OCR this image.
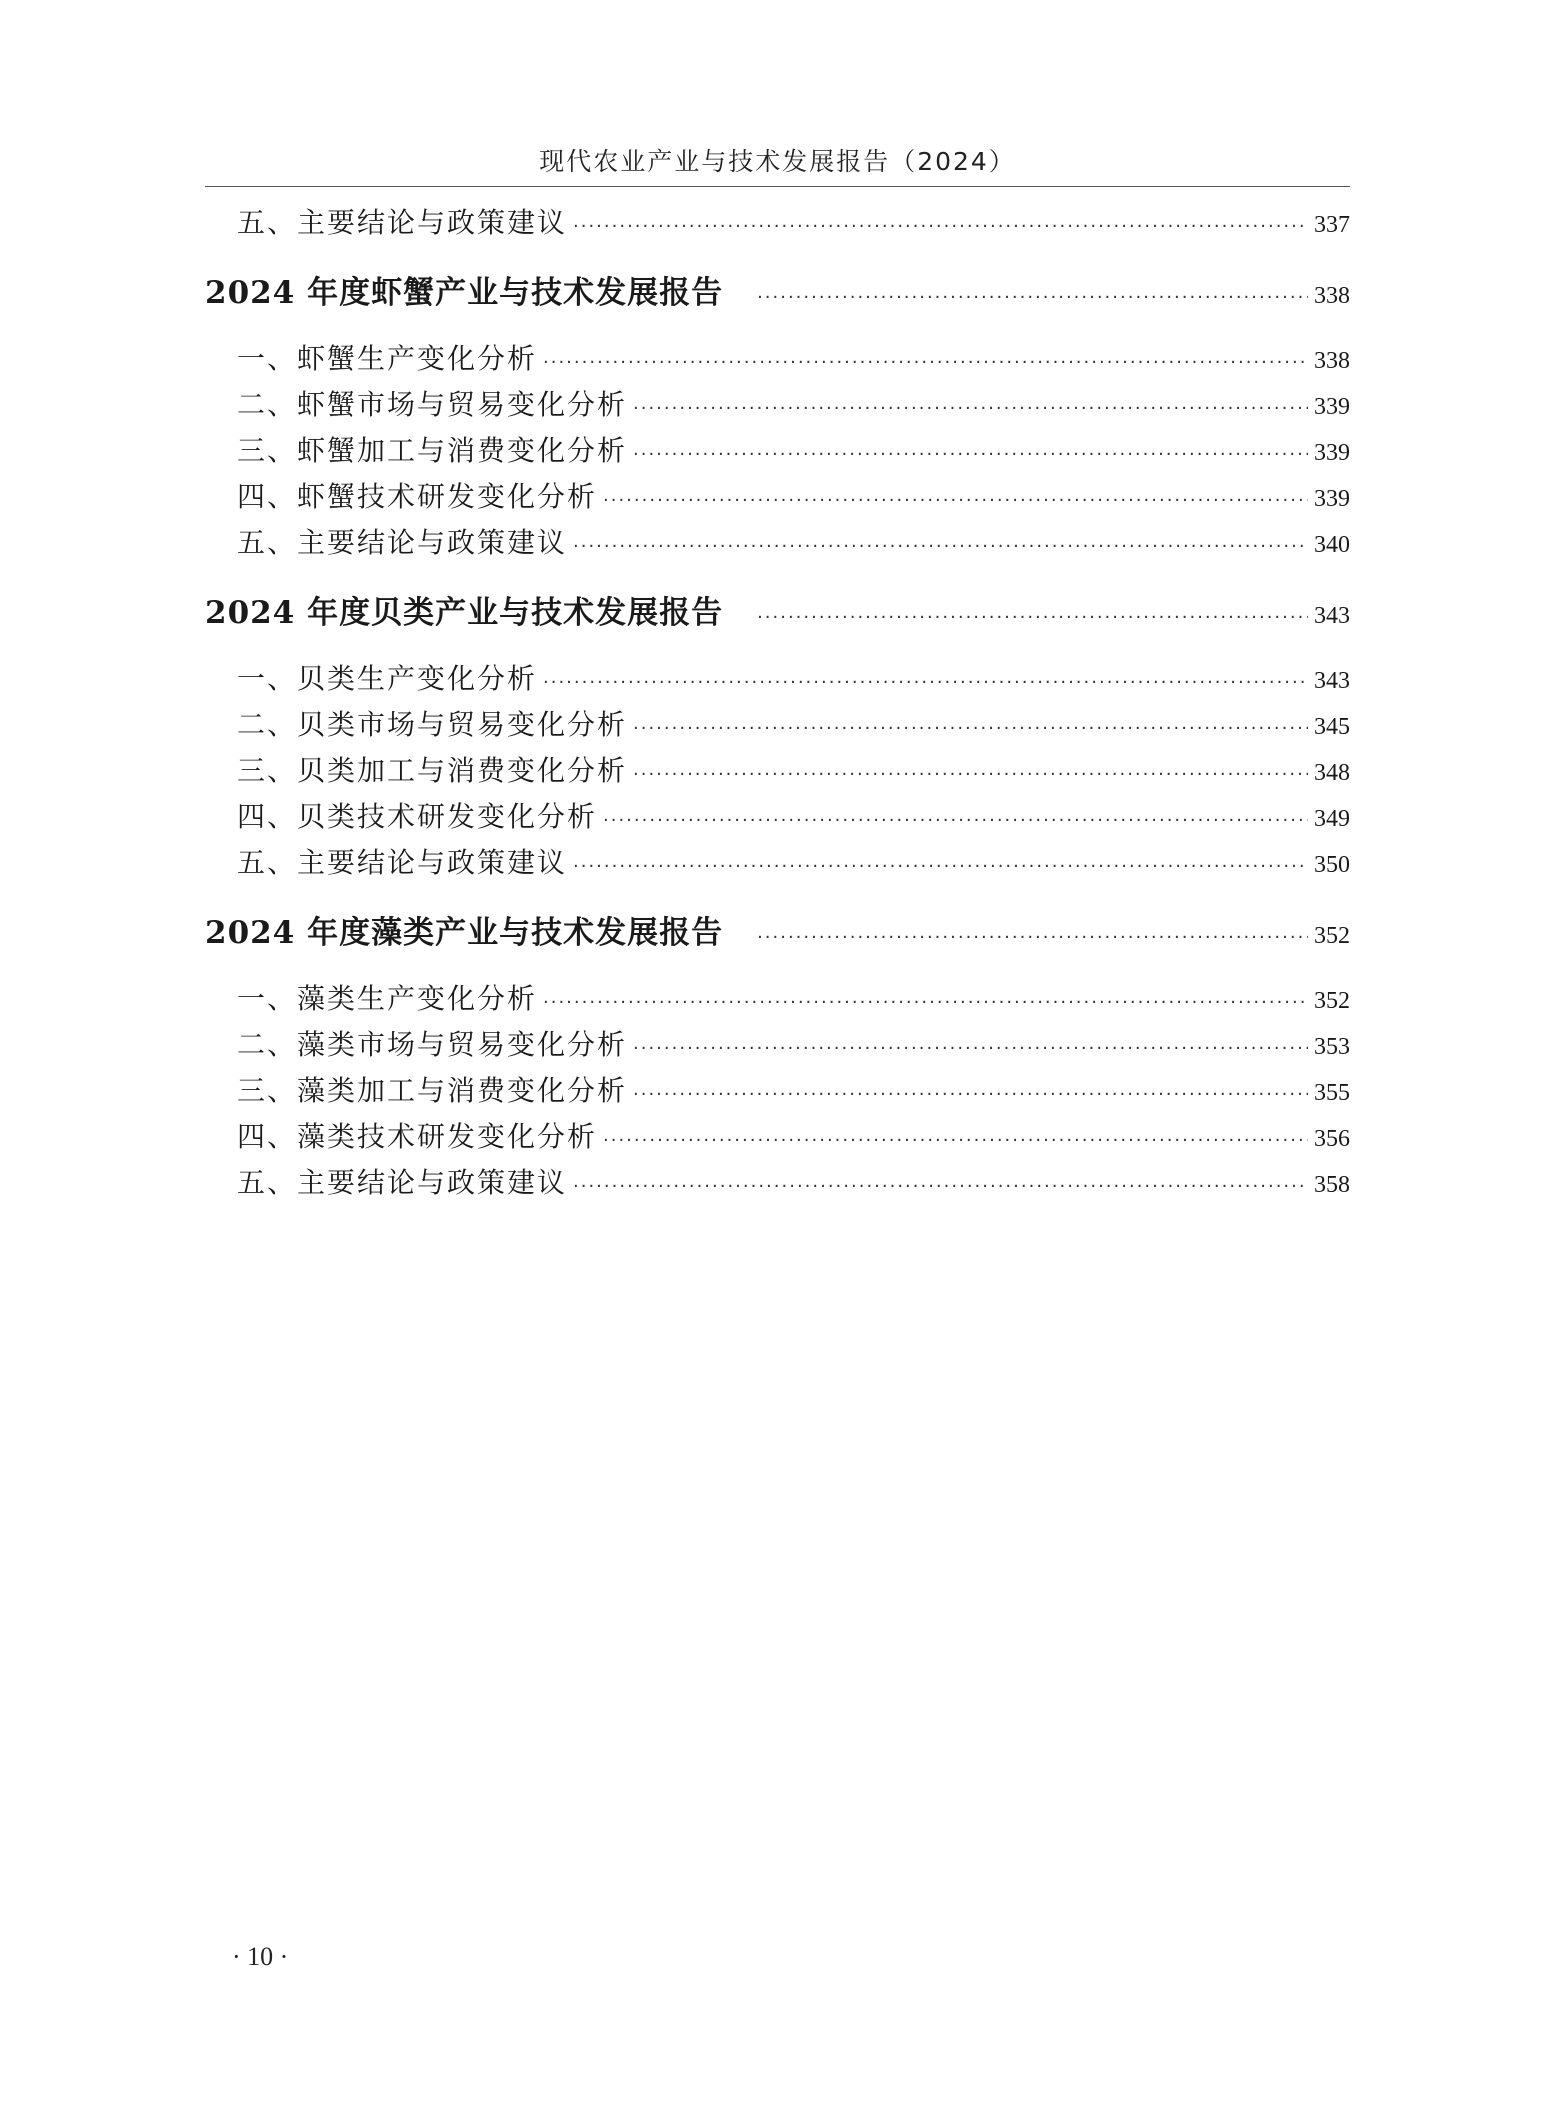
现代农业产业与技术发展报告（2024）
五、主要结论与政策建议 ·····	337
2024 年度虾蟹产业与技术发展报告 ·····	338
一、虾蟹生产变化分析 ·····	338
二、虾蟹市场与贸易变化分析 ·····	339
三、虾蟹加工与消费变化分析 ·····	339
四、虾蟹技术研发变化分析 ·····	339
五、主要结论与政策建议 ·····	340
2024 年度贝类产业与技术发展报告 ·····	343
一、贝类生产变化分析 ·····	343
二、贝类市场与贸易变化分析 ·····	345
三、贝类加工与消费变化分析 ·····	348
四、贝类技术研发变化分析 ·····	349
五、主要结论与政策建议 ·····	350
2024 年度藻类产业与技术发展报告 ·····	352
一、藻类生产变化分析 ·····	352
二、藻类市场与贸易变化分析 ·····	353
三、藻类加工与消费变化分析 ·····	355
四、藻类技术研发变化分析 ·····	356
五、主要结论与政策建议 ·····	358
· 10 ·
